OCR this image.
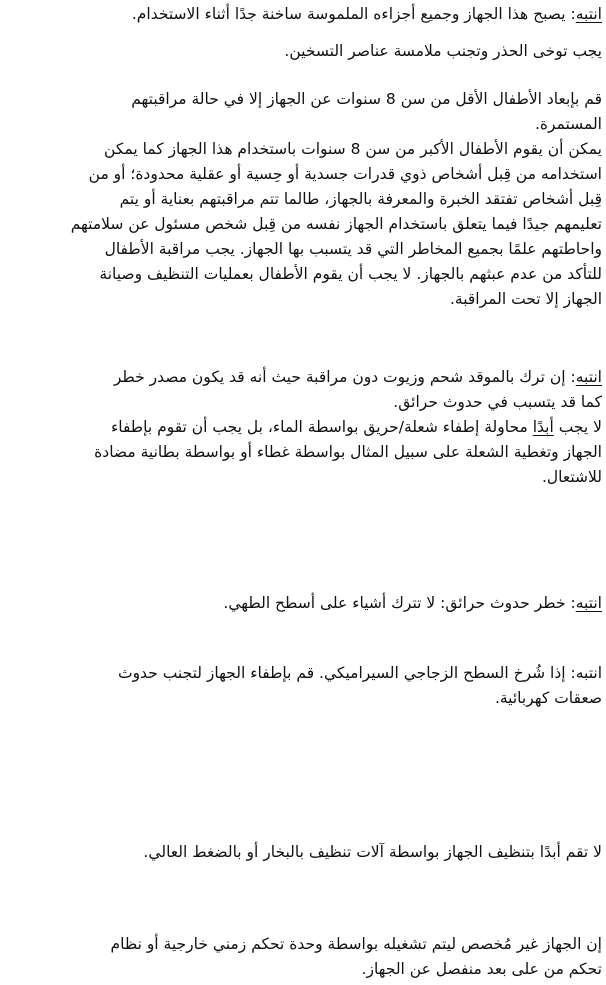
انتبه: يصبح هذا الجهاز وجميع أجزاءه الملموسة ساخنة جدًا أثناء الاستخدام.
يجب توخى الحذر وتجنب ملامسة عناصر التسخين.
قم بإبعاد الأطفال الأقل من سن 8 سنوات عن الجهاز إلا في حالة مراقبتهم
المستمرة.
يمكن أن يقوم الأطفال الأكبر من سن 8 سنوات باستخدام هذا الجهاز كما يمكن
استخدامه من قِبل أشخاص ذوي قدرات جسدية أو حِسية أو عقلية محدودة؛ أو من
قِبل أشخاص تفتقد الخبرة والمعرفة بالجهاز، طالما تتم مراقبتهم بعناية أو يتم
تعليمهم جيدًا فيما يتعلق باستخدام الجهاز نفسه من قِبل شخص مسئول عن سلامتهم
واحاطتهم علمًا بجميع المخاطر التي قد يتسبب بها الجهاز. يجب مراقبة الأطفال
للتأكد من عدم عبثهم بالجهاز. لا يجب أن يقوم الأطفال بعمليات التنظيف وصيانة
الجهاز إلا تحت المراقبة.
انتبه: إن ترك بالموقد شحم وزيوت دون مراقبة حيث أنه قد يكون مصدر خطر
كما قد يتسبب في حدوث حرائق.
لا يجب أبدًا محاولة إطفاء شعلة/حريق بواسطة الماء، بل يجب أن تقوم بإطفاء
الجهاز وتغطية الشعلة على سبيل المثال بواسطة غطاء أو بواسطة بطانية مضادة
للاشتعال.
انتبه: خطر حدوث حرائق: لا تترك أشياء على أسطح الطهي.
انتبه: إذا شُرخ السطح الزجاجي السيراميكي. قم بإطفاء الجهاز لتجنب حدوث
صعقات كهربائية.
لا تقم أبدًا بتنظيف الجهاز بواسطة آلات تنظيف بالبخار أو بالضغط العالي.
إن الجهاز غير مُخصص ليتم تشغيله بواسطة وحدة تحكم زمني خارجية أو نظام
تحكم من على بعد منفصل عن الجهاز.
